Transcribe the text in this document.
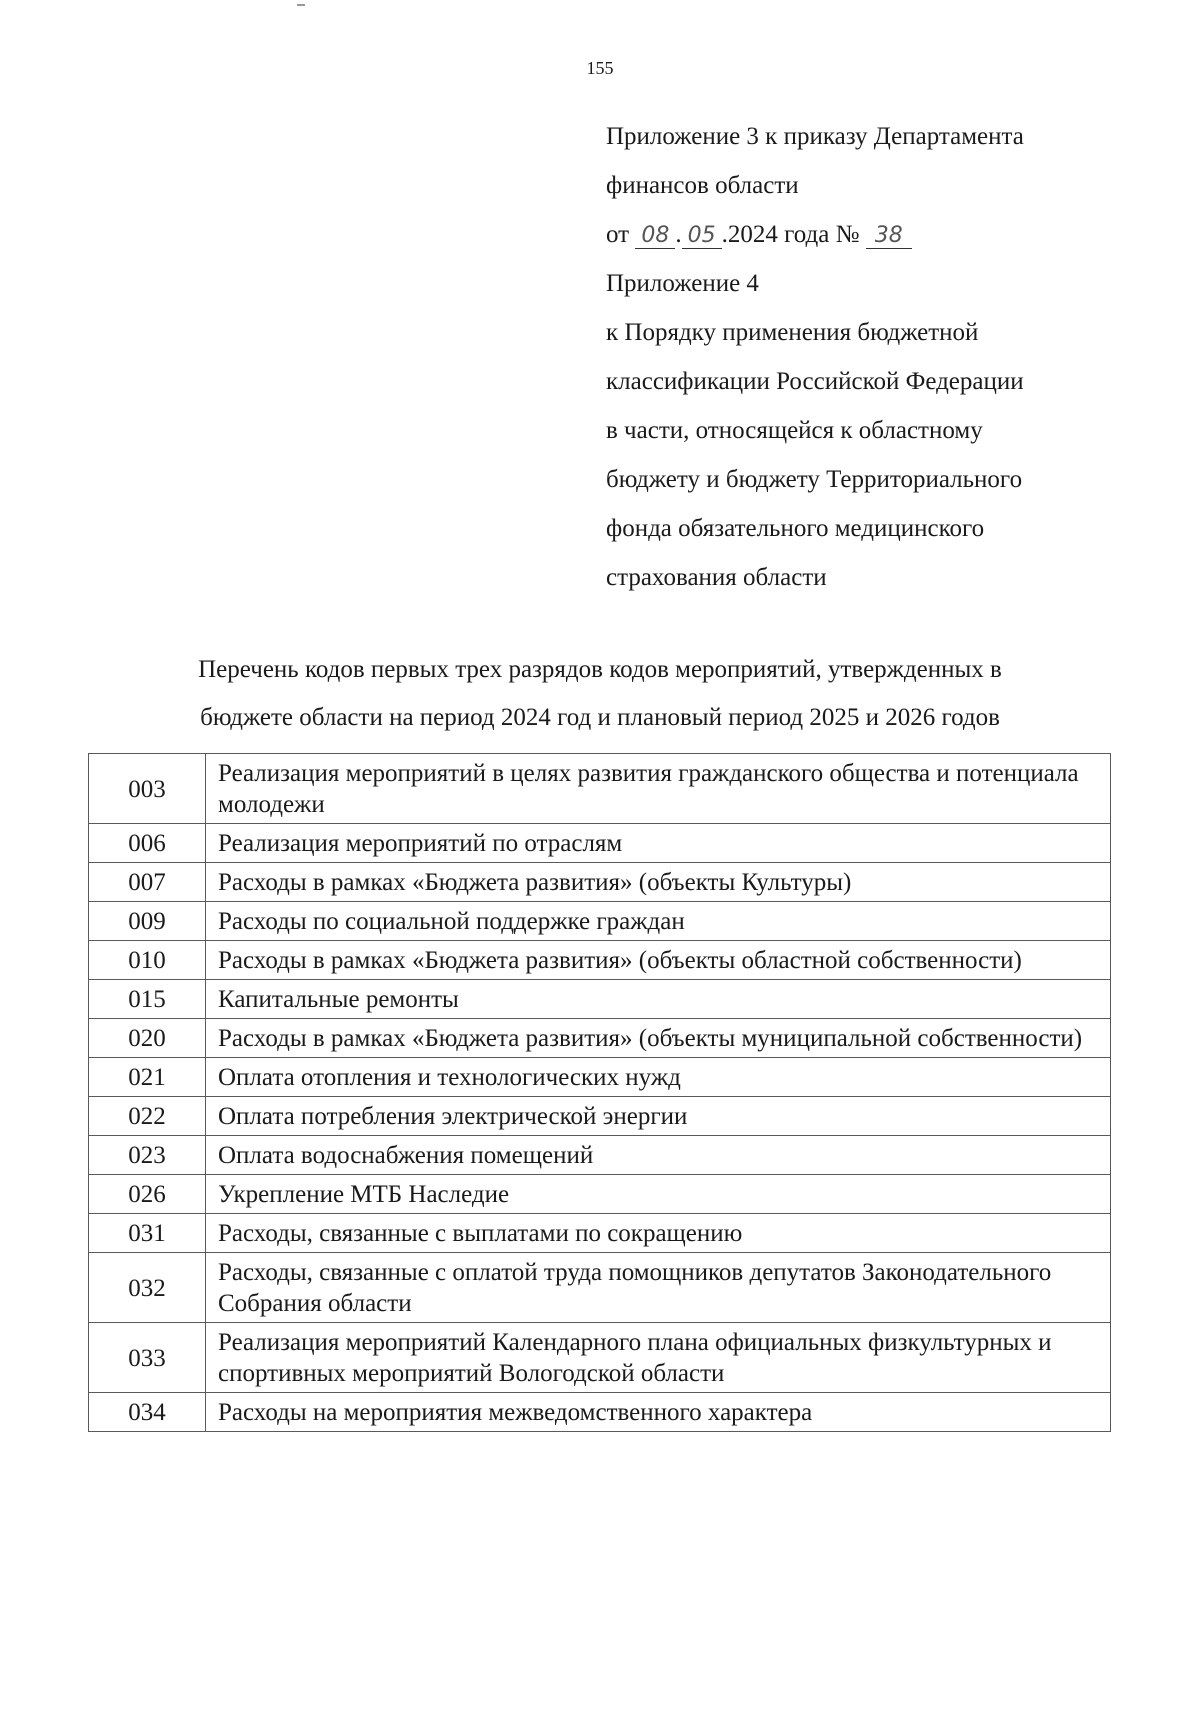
155
Приложение 3 к приказу Департамента
финансов области
от 08 . 05 .2024 года № 38
Приложение 4
к Порядку применения бюджетной
классификации Российской Федерации
в части, относящейся к областному
бюджету и бюджету Территориального
фонда обязательного медицинского
страхования области
Перечень кодов первых трех разрядов кодов мероприятий, утвержденных в
бюджете области на период 2024 год и плановый период 2025 и 2026 годов
003	Реализация мероприятий в целях развития гражданского общества и потенциала молодежи
006	Реализация мероприятий по отраслям
007	Расходы в рамках «Бюджета развития» (объекты Культуры)
009	Расходы по социальной поддержке граждан
010	Расходы в рамках «Бюджета развития» (объекты областной собственности)
015	Капитальные ремонты
020	Расходы в рамках «Бюджета развития» (объекты муниципальной собственности)
021	Оплата отопления и технологических нужд
022	Оплата потребления электрической энергии
023	Оплата водоснабжения помещений
026	Укрепление МТБ Наследие
031	Расходы, связанные с выплатами по сокращению
032	Расходы, связанные с оплатой труда помощников депутатов Законодательного Собрания области
033	Реализация мероприятий Календарного плана официальных физкультурных и спортивных мероприятий Вологодской области
034	Расходы на мероприятия межведомственного характера
